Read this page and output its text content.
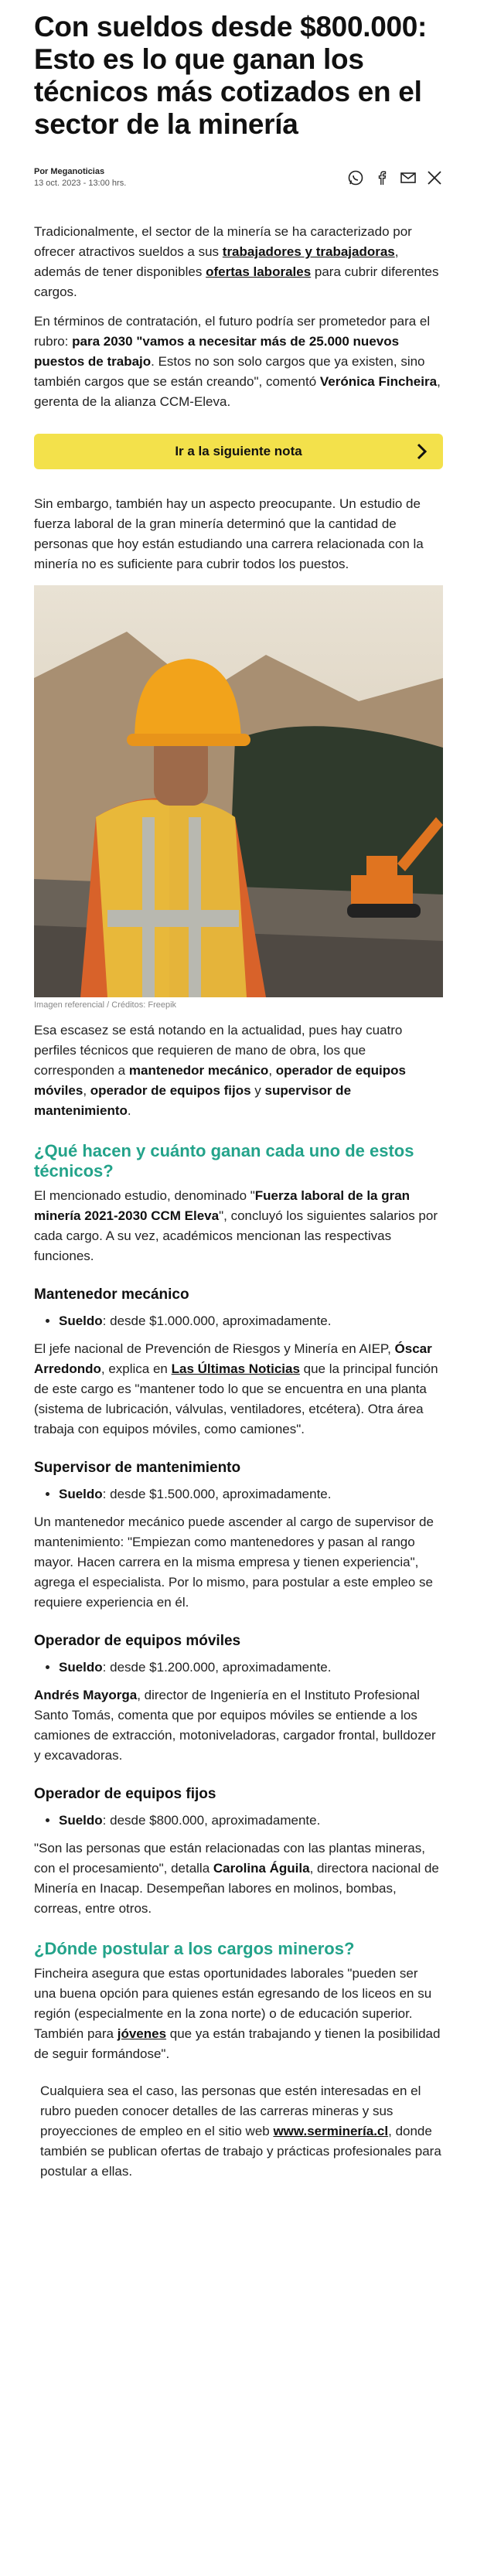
Con sueldos desde $800.000: Esto es lo que ganan los técnicos más cotizados en el sector de la minería
Por Meganoticias
13 oct. 2023 - 13:00 hrs.

Tradicionalmente, el sector de la minería se ha caracterizado por ofrecer atractivos sueldos a sus trabajadores y trabajadoras, además de tener disponibles ofertas laborales para cubrir diferentes cargos.

En términos de contratación, el futuro podría ser prometedor para el rubro: para 2030 "vamos a necesitar más de 25.000 nuevos puestos de trabajo. Estos no son solo cargos que ya existen, sino también cargos que se están creando", comentó Verónica Fincheira, gerenta de la alianza CCM-Eleva.

Ir a la siguiente nota

Sin embargo, también hay un aspecto preocupante. Un estudio de fuerza laboral de la gran minería determinó que la cantidad de personas que hoy están estudiando una carrera relacionada con la minería no es suficiente para cubrir todos los puestos.

Imagen referencial / Créditos: Freepik

Esa escasez se está notando en la actualidad, pues hay cuatro perfiles técnicos que requieren de mano de obra, los que corresponden a mantenedor mecánico, operador de equipos móviles, operador de equipos fijos y supervisor de mantenimiento.

¿Qué hacen y cuánto ganan cada uno de estos técnicos?

El mencionado estudio, denominado "Fuerza laboral de la gran minería 2021-2030 CCM Eleva", concluyó los siguientes salarios por cada cargo. A su vez, académicos mencionan las respectivas funciones.

Mantenedor mecánico
• Sueldo: desde $1.000.000, aproximadamente.

El jefe nacional de Prevención de Riesgos y Minería en AIEP, Óscar Arredondo, explica en Las Últimas Noticias que la principal función de este cargo es "mantener todo lo que se encuentra en una planta (sistema de lubricación, válvulas, ventiladores, etcétera). Otra área trabaja con equipos móviles, como camiones".

Supervisor de mantenimiento
• Sueldo: desde $1.500.000, aproximadamente.

Un mantenedor mecánico puede ascender al cargo de supervisor de mantenimiento: "Empiezan como mantenedores y pasan al rango mayor. Hacen carrera en la misma empresa y tienen experiencia", agrega el especialista. Por lo mismo, para postular a este empleo se requiere experiencia en él.

Operador de equipos móviles
• Sueldo: desde $1.200.000, aproximadamente.

Andrés Mayorga, director de Ingeniería en el Instituto Profesional Santo Tomás, comenta que por equipos móviles se entiende a los camiones de extracción, motoniveladoras, cargador frontal, bulldozer y excavadoras.

Operador de equipos fijos
• Sueldo: desde $800.000, aproximadamente.

"Son las personas que están relacionadas con las plantas mineras, con el procesamiento", detalla Carolina Águila, directora nacional de Minería en Inacap. Desempeñan labores en molinos, bombas, correas, entre otros.

¿Dónde postular a los cargos mineros?

Fincheira asegura que estas oportunidades laborales "pueden ser una buena opción para quienes están egresando de los liceos en su región (especialmente en la zona norte) o de educación superior. También para jóvenes que ya están trabajando y tienen la posibilidad de seguir formándose".

Cualquiera sea el caso, las personas que estén interesadas en el rubro pueden conocer detalles de las carreras mineras y sus proyecciones de empleo en el sitio web www.serminería.cl, donde también se publican ofertas de trabajo y prácticas profesionales para postular a ellas.
